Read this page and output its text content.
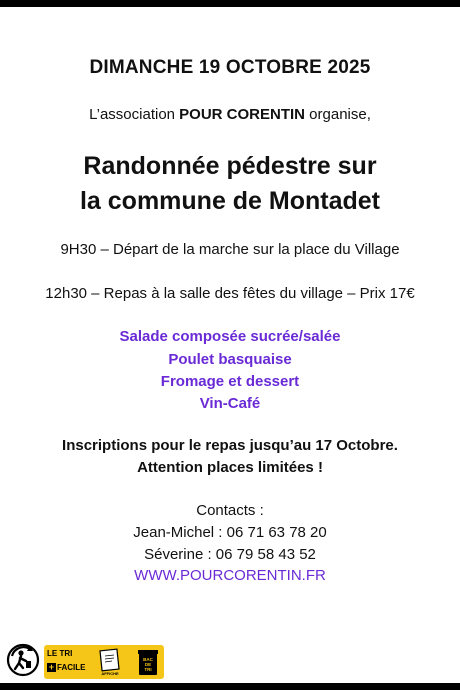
DIMANCHE 19 OCTOBRE 2025
L’association POUR CORENTIN organise,
Randonnée pédestre sur
la commune de Montadet
9H30 – Départ de la marche sur la place du Village
12h30 – Repas à la salle des fêtes du village – Prix 17€
Salade composée sucrée/salée
Poulet basquaise
Fromage et dessert
Vin-Café
Inscriptions pour le repas jusqu’au 17 Octobre.
Attention places limitées !
Contacts :
Jean-Michel : 06 71 63 78 20
Séverine : 06 79 58 43 52
WWW.POURCORENTIN.FR
LE TRI
+ FACILE
AFFICHE
BAC
DE
TRI
